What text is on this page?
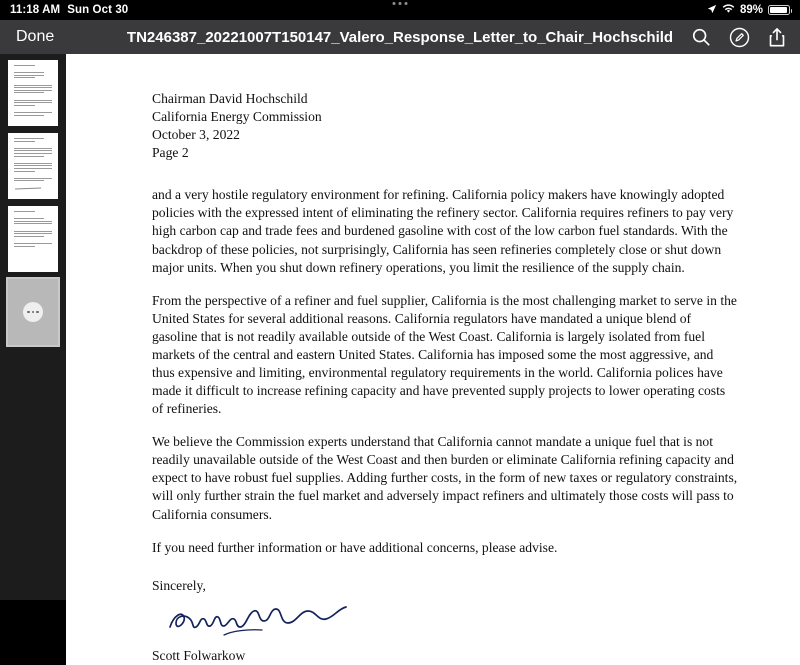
11:18 AM Sun Oct 30	89%
Done	TN246387_20221007T150147_Valero_Response_Letter_to_Chair_Hochschild
Chairman David Hochschild
California Energy Commission
October 3, 2022
Page 2

and a very hostile regulatory environment for refining. California policy makers have knowingly adopted policies with the expressed intent of eliminating the refinery sector. California requires refiners to pay very high carbon cap and trade fees and burdened gasoline with cost of the low carbon fuel standards. With the backdrop of these policies, not surprisingly, California has seen refineries completely close or shut down major units. When you shut down refinery operations, you limit the resilience of the supply chain.

From the perspective of a refiner and fuel supplier, California is the most challenging market to serve in the United States for several additional reasons. California regulators have mandated a unique blend of gasoline that is not readily available outside of the West Coast. California is largely isolated from fuel markets of the central and eastern United States. California has imposed some the most aggressive, and thus expensive and limiting, environmental regulatory requirements in the world. California polices have made it difficult to increase refining capacity and have prevented supply projects to lower operating costs of refineries.

We believe the Commission experts understand that California cannot mandate a unique fuel that is not readily unavailable outside of the West Coast and then burden or eliminate California refining capacity and expect to have robust fuel supplies. Adding further costs, in the form of new taxes or regulatory constraints, will only further strain the fuel market and adversely impact refiners and ultimately those costs will pass to California consumers.

If you need further information or have additional concerns, please advise.

Sincerely,

Scott Folwarkow
